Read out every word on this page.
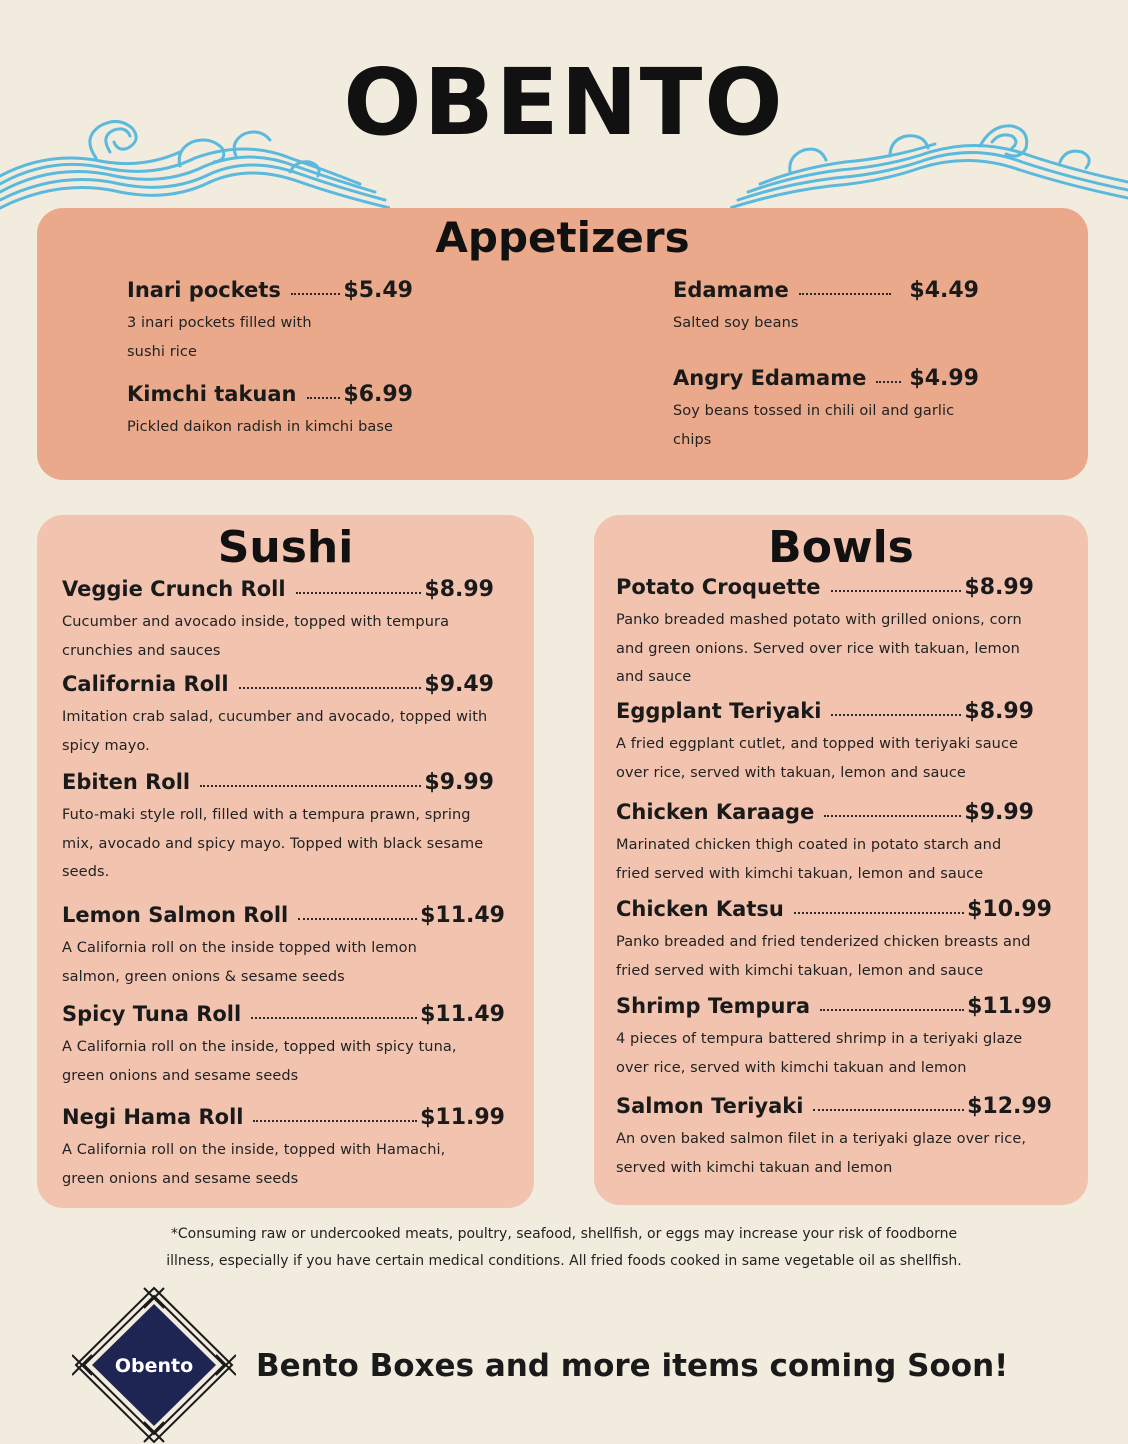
OBENTO
Appetizers
Inari pockets	$5.49
3 inari pockets filled with
sushi rice
Kimchi takuan $6.99
Pickled daikon radish in kimchi base
Edamame	$4.49
Salted soy beans
Angry Edamame $4.99
Soy beans tossed in chili oil and garlic
chips
Sushi
Veggie Crunch Roll	$8.99
Cucumber and avocado inside, topped with tempura
crunchies and sauces
California Roll	$9.49
Imitation crab salad, cucumber and avocado, topped with
spicy mayo.
Ebiten Roll	$9.99
Futo-maki style roll, filled with a tempura prawn, spring
mix, avocado and spicy mayo. Topped with black sesame
seeds.
Lemon Salmon Roll	$11.49
A California roll on the inside topped with lemon
salmon, green onions & sesame seeds
Spicy Tuna Roll	$11.49
A California roll on the inside, topped with spicy tuna,
green onions and sesame seeds
Negi Hama Roll	$11.99
A California roll on the inside, topped with Hamachi,
green onions and sesame seeds
Bowls
Potato Croquette	$8.99
Panko breaded mashed potato with grilled onions, corn
and green onions. Served over rice with takuan, lemon
and sauce
Eggplant Teriyaki	$8.99
A fried eggplant cutlet, and topped with teriyaki sauce
over rice, served with takuan, lemon and sauce
Chicken Karaage	$9.99
Marinated chicken thigh coated in potato starch and
fried served with kimchi takuan, lemon and sauce
Chicken Katsu	$10.99
Panko breaded and fried tenderized chicken breasts and
fried served with kimchi takuan, lemon and sauce
Shrimp Tempura	$11.99
4 pieces of tempura battered shrimp in a teriyaki glaze
over rice, served with kimchi takuan and lemon
Salmon Teriyaki	$12.99
An oven baked salmon filet in a teriyaki glaze over rice,
served with kimchi takuan and lemon
*Consuming raw or undercooked meats, poultry, seafood, shellfish, or eggs may increase your risk of foodborne
illness, especially if you have certain medical conditions. All fried foods cooked in same vegetable oil as shellfish.
Obento Bento Boxes and more items coming Soon!
